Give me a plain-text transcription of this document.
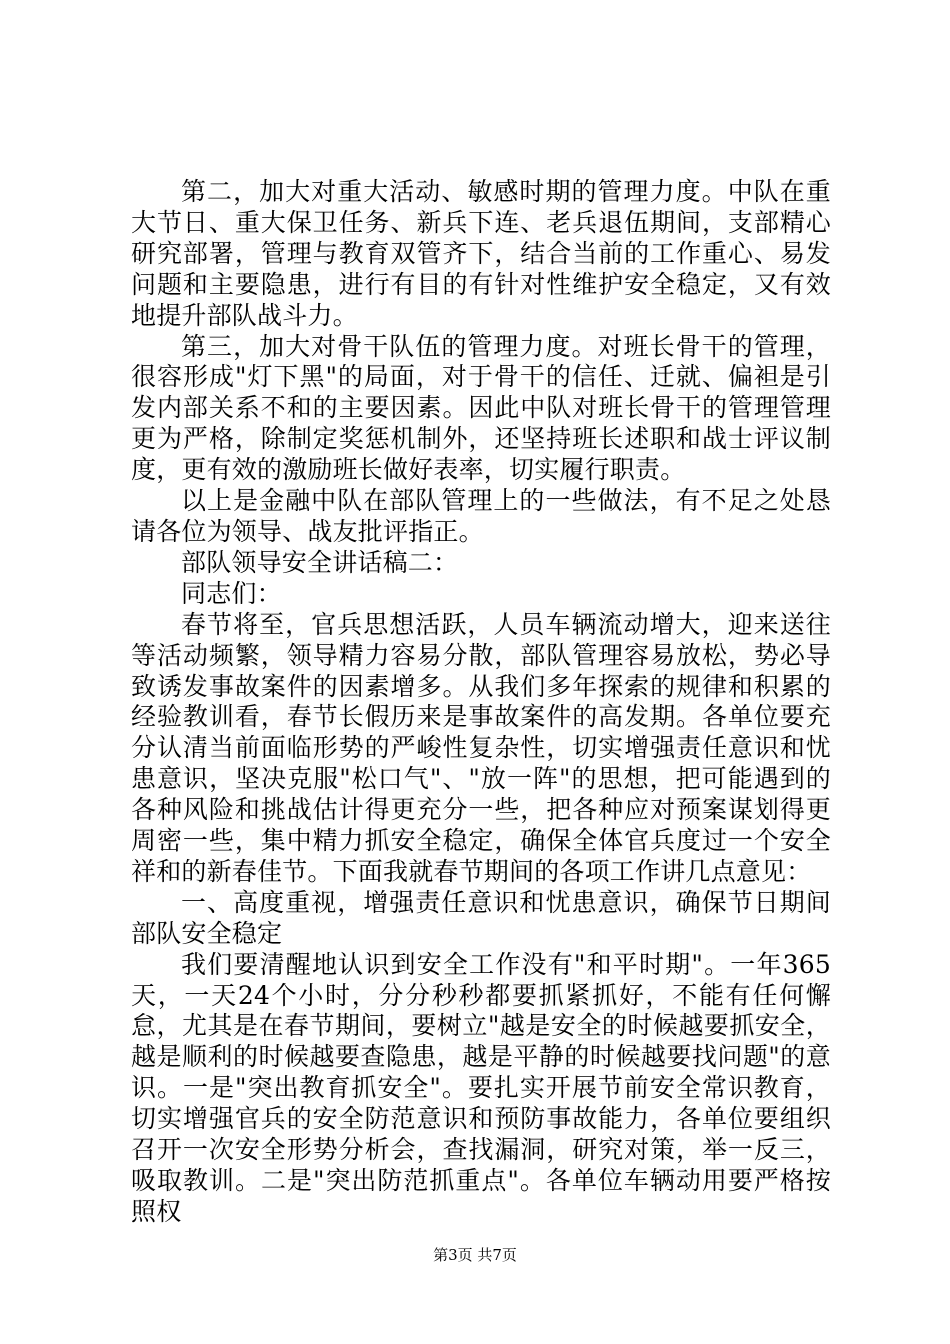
第二，加大对重大活动、敏感时期的管理力度。中队在重大节日、重大保卫任务、新兵下连、老兵退伍期间，支部精心研究部署，管理与教育双管齐下，结合当前的工作重心、易发问题和主要隐患，进行有目的有针对性维护安全稳定，又有效地提升部队战斗力。

第三，加大对骨干队伍的管理力度。对班长骨干的管理，很容形成"灯下黑"的局面，对于骨干的信任、迁就、偏袒是引发内部关系不和的主要因素。因此中队对班长骨干的管理管理更为严格，除制定奖惩机制外，还坚持班长述职和战士评议制度，更有效的激励班长做好表率，切实履行职责。

以上是金融中队在部队管理上的一些做法，有不足之处恳请各位为领导、战友批评指正。

部队领导安全讲话稿二：

同志们：

春节将至，官兵思想活跃，人员车辆流动增大，迎来送往等活动频繁，领导精力容易分散，部队管理容易放松，势必导致诱发事故案件的因素增多。从我们多年探索的规律和积累的经验教训看，春节长假历来是事故案件的高发期。各单位要充分认清当前面临形势的严峻性复杂性，切实增强责任意识和忧患意识，坚决克服"松口气"、"放一阵"的思想，把可能遇到的各种风险和挑战估计得更充分一些，把各种应对预案谋划得更周密一些，集中精力抓安全稳定，确保全体官兵度过一个安全祥和的新春佳节。下面我就春节期间的各项工作讲几点意见：

一、高度重视，增强责任意识和忧患意识，确保节日期间部队安全稳定

我们要清醒地认识到安全工作没有"和平时期"。一年365天，一天24个小时，分分秒秒都要抓紧抓好，不能有任何懈怠，尤其是在春节期间，要树立"越是安全的时候越要抓安全，越是顺利的时候越要查隐患，越是平静的时候越要找问题"的意识。一是"突出教育抓安全"。要扎实开展节前安全常识教育，切实增强官兵的安全防范意识和预防事故能力，各单位要组织召开一次安全形势分析会，查找漏洞，研究对策，举一反三，吸取教训。二是"突出防范抓重点"。各单位车辆动用要严格按照权

第3页 共7页
